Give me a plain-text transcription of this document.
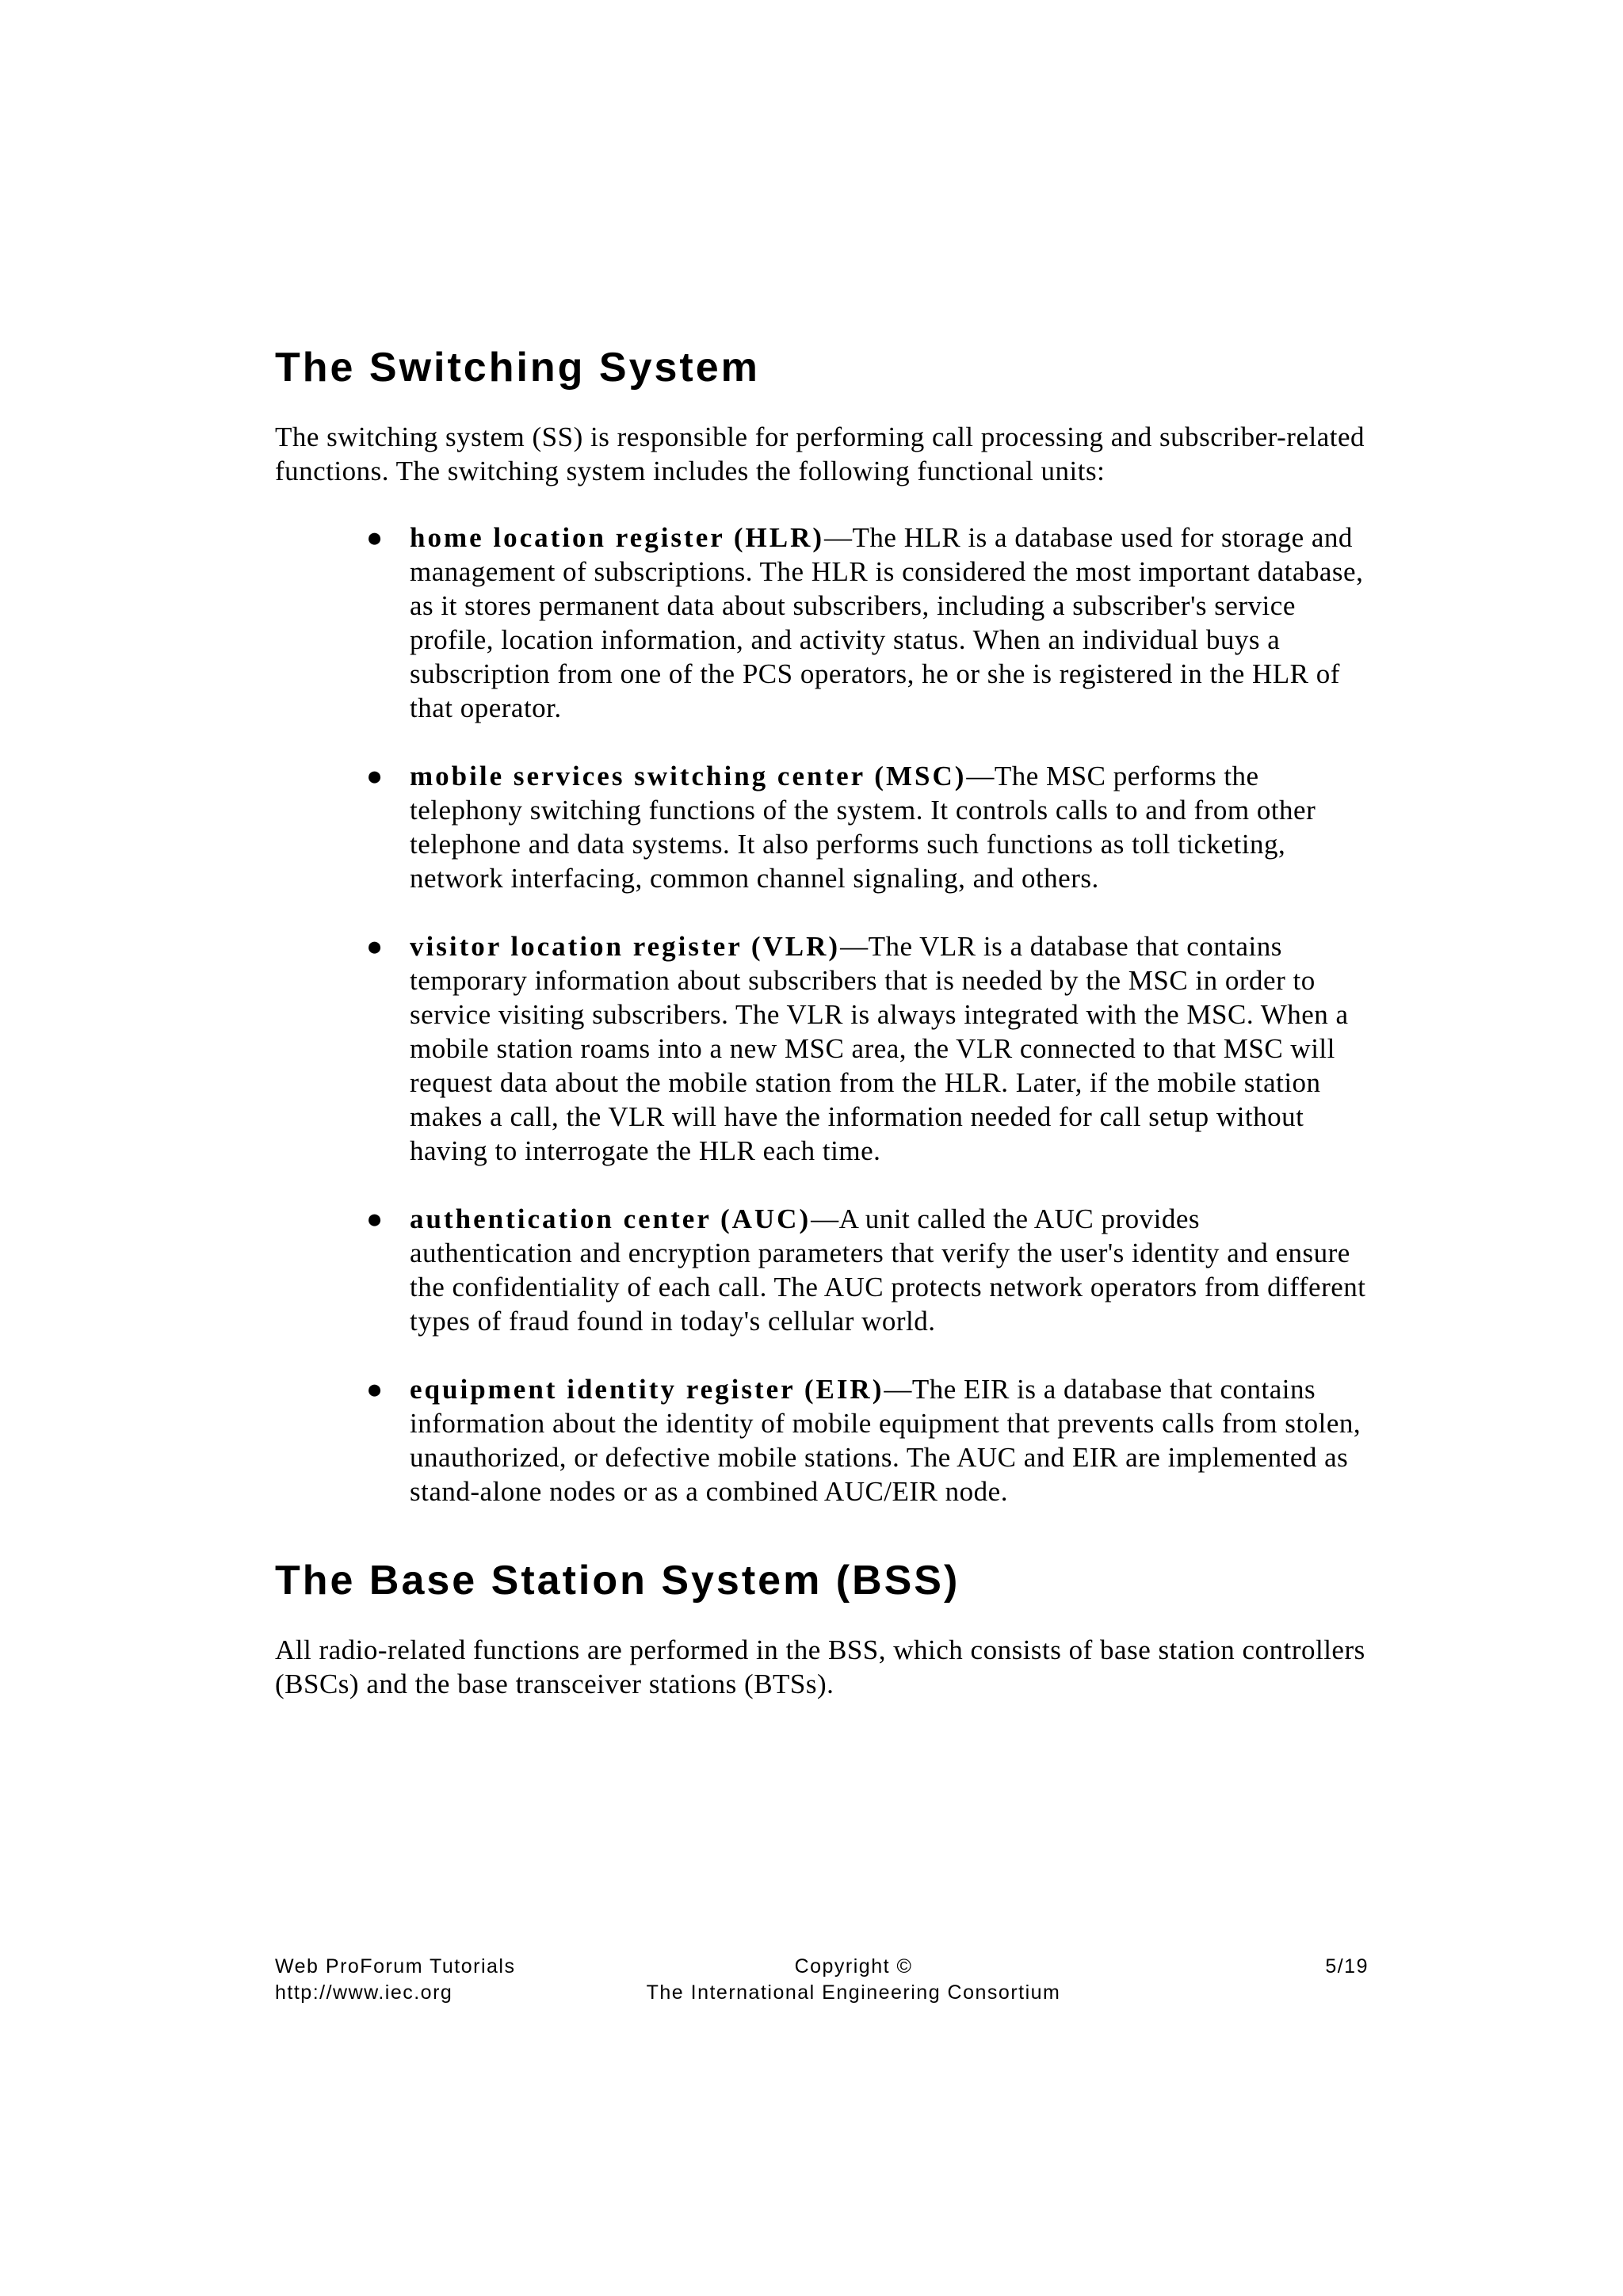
The Switching System

The switching system (SS) is responsible for performing call processing and subscriber-related functions. The switching system includes the following functional units:

● home location register (HLR)—The HLR is a database used for storage and management of subscriptions. The HLR is considered the most important database, as it stores permanent data about subscribers, including a subscriber's service profile, location information, and activity status. When an individual buys a subscription from one of the PCS operators, he or she is registered in the HLR of that operator.
● mobile services switching center (MSC)—The MSC performs the telephony switching functions of the system. It controls calls to and from other telephone and data systems. It also performs such functions as toll ticketing, network interfacing, common channel signaling, and others.
● visitor location register (VLR)—The VLR is a database that contains temporary information about subscribers that is needed by the MSC in order to service visiting subscribers. The VLR is always integrated with the MSC. When a mobile station roams into a new MSC area, the VLR connected to that MSC will request data about the mobile station from the HLR. Later, if the mobile station makes a call, the VLR will have the information needed for call setup without having to interrogate the HLR each time.
● authentication center (AUC)—A unit called the AUC provides authentication and encryption parameters that verify the user's identity and ensure the confidentiality of each call. The AUC protects network operators from different types of fraud found in today's cellular world.
● equipment identity register (EIR)—The EIR is a database that contains information about the identity of mobile equipment that prevents calls from stolen, unauthorized, or defective mobile stations. The AUC and EIR are implemented as stand-alone nodes or as a combined AUC/EIR node.
The Base Station System (BSS)

All radio-related functions are performed in the BSS, which consists of base station controllers (BSCs) and the base transceiver stations (BTSs).

Web ProForum Tutorials
http://www.iec.org
Copyright ©
The International Engineering Consortium
5/19
